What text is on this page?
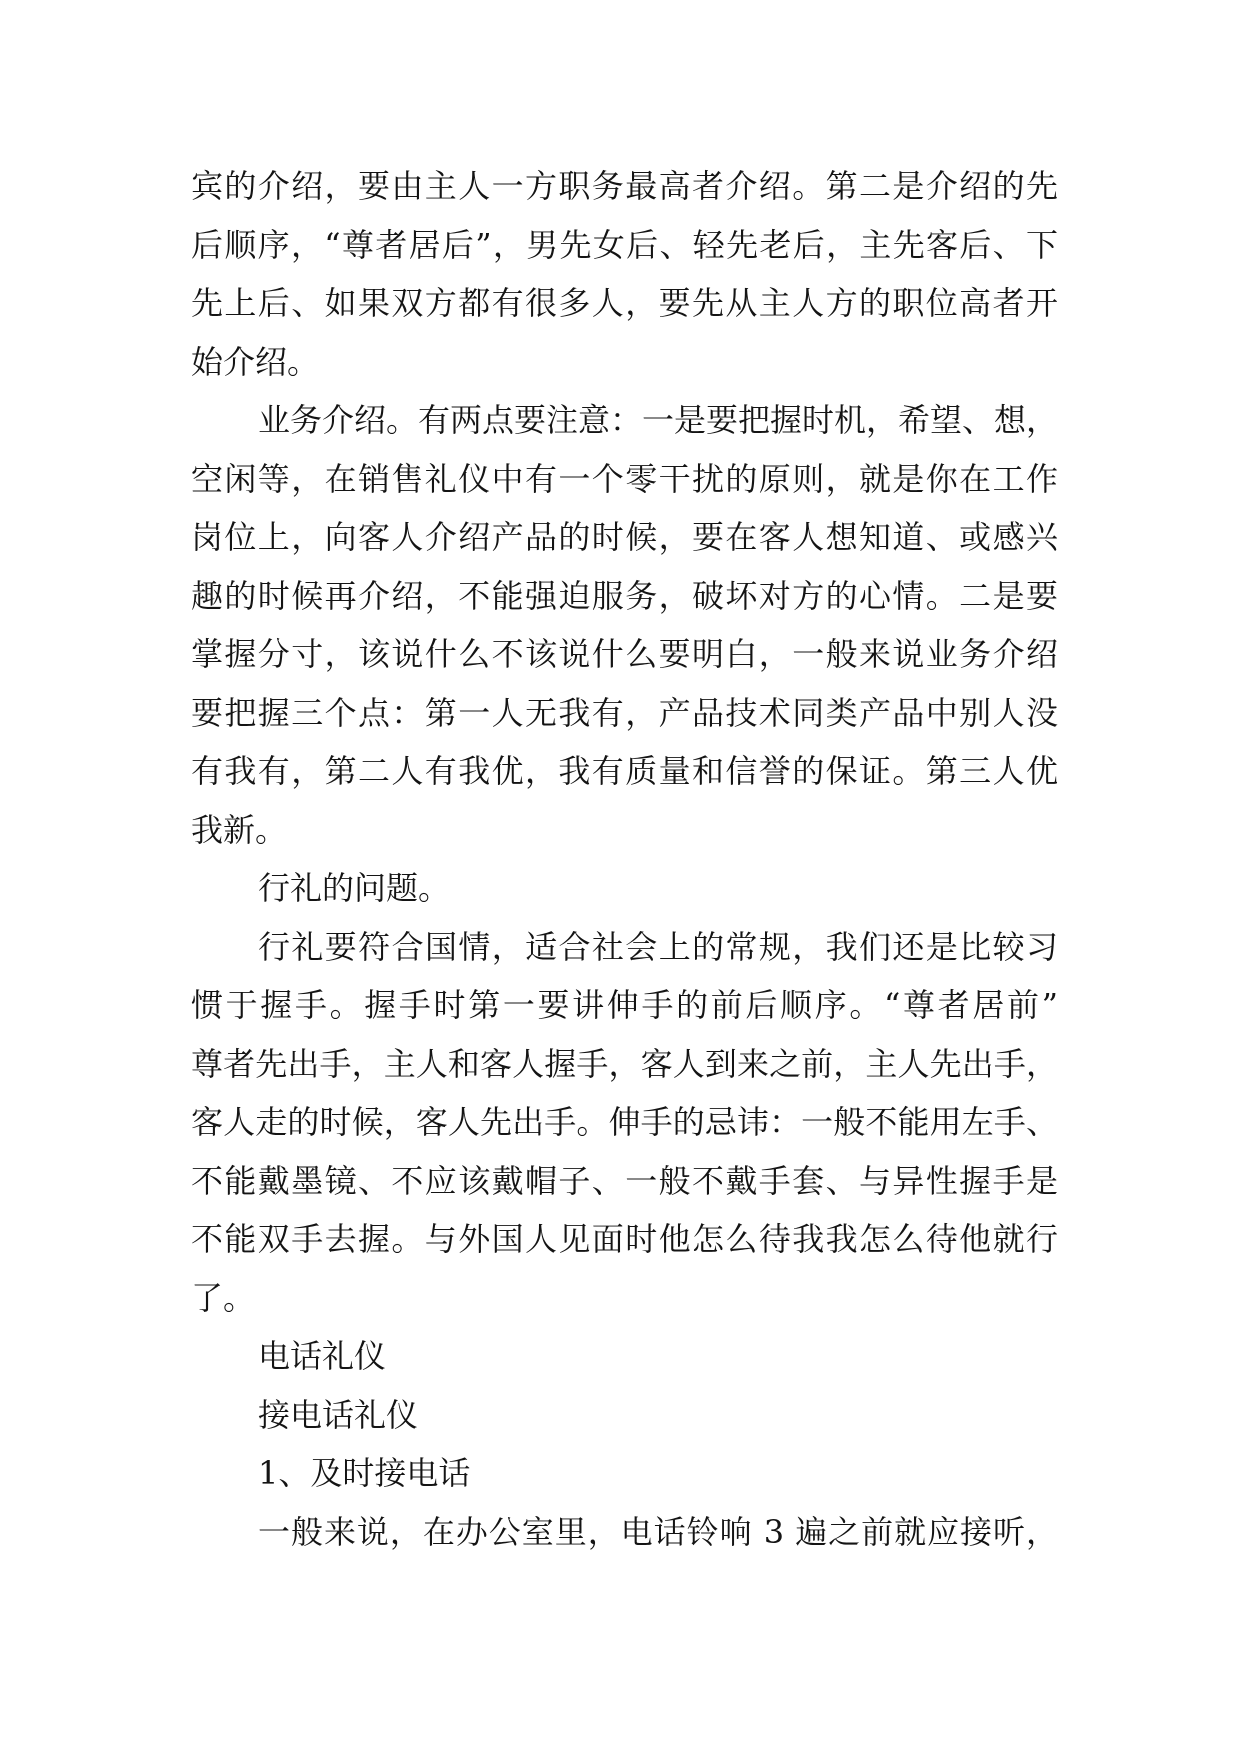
宾的介绍，要由主人一方职务最高者介绍。第二是介绍的先
后顺序，“尊者居后”，男先女后、轻先老后，主先客后、下
先上后、如果双方都有很多人，要先从主人方的职位高者开
始介绍。
业务介绍。有两点要注意：一是要把握时机，希望、想，
空闲等，在销售礼仪中有一个零干扰的原则，就是你在工作
岗位上，向客人介绍产品的时候，要在客人想知道、或感兴
趣的时候再介绍，不能强迫服务，破坏对方的心情。二是要
掌握分寸，该说什么不该说什么要明白，一般来说业务介绍
要把握三个点：第一人无我有，产品技术同类产品中别人没
有我有，第二人有我优，我有质量和信誉的保证。第三人优
我新。
行礼的问题。
行礼要符合国情，适合社会上的常规，我们还是比较习
惯于握手。握手时第一要讲伸手的前后顺序。“尊者居前”
尊者先出手，主人和客人握手，客人到来之前，主人先出手，
客人走的时候，客人先出手。伸手的忌讳：一般不能用左手、
不能戴墨镜、不应该戴帽子、一般不戴手套、与异性握手是
不能双手去握。与外国人见面时他怎么待我我怎么待他就行
了。
电话礼仪
接电话礼仪
1、及时接电话
一般来说，在办公室里，电话铃响 3 遍之前就应接听，
